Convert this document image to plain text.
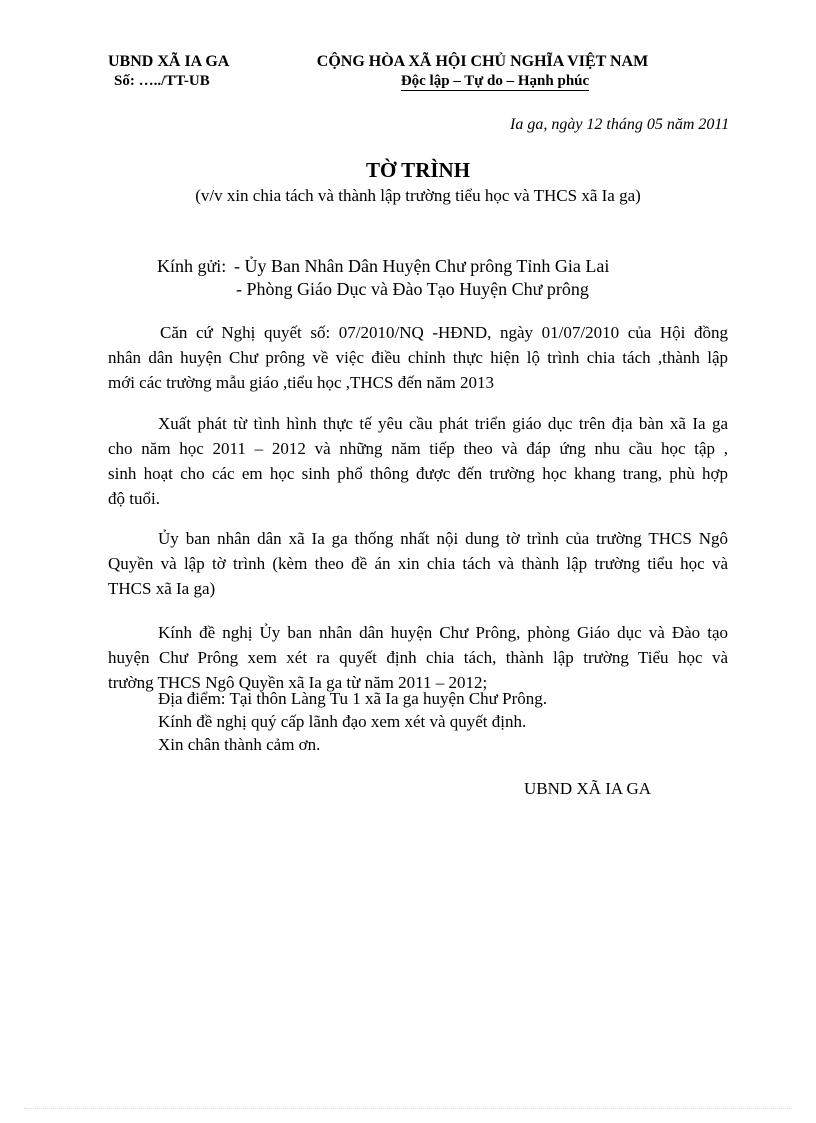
UBND XÃ IA GA
Số: …../TT-UB
CỘNG HÒA XÃ HỘI CHỦ NGHĨA VIỆT NAM
Độc lập – Tự do – Hạnh phúc
Ia ga, ngày 12 tháng 05 năm 2011
TỜ TRÌNH
(v/v xin chia tách và thành lập trường tiểu học và THCS xã Ia ga)
Kính gửi: - Ủy Ban Nhân Dân Huyện Chư prông Tỉnh Gia Lai
- Phòng Giáo Dục và Đào Tạo Huyện Chư prông
Căn cứ Nghị quyết số: 07/2010/NQ -HĐND, ngày 01/07/2010 của Hội đồng
nhân dân huyện Chư prông về việc điều chỉnh thực hiện lộ trình chia tách ,thành lập
mới các trường mẫu giáo ,tiểu học ,THCS đến năm 2013
Xuất phát từ tình hình thực tế yêu cầu phát triển giáo dục trên địa bàn xã Ia ga
cho năm học 2011 – 2012 và những năm tiếp theo và đáp ứng nhu cầu học tập ,
sinh hoạt cho các em học sinh phổ thông được đến trường học khang trang, phù hợp
độ tuổi.
Ủy ban nhân dân xã Ia ga thống nhất nội dung tờ trình của trường THCS Ngô
Quyền và lập tờ trình (kèm theo đề án xin chia tách và thành lập trường tiểu học và
THCS xã Ia ga)
Kính đề nghị Ủy ban nhân dân huyện Chư Prông, phòng Giáo dục và Đào tạo
huyện Chư Prông xem xét ra quyết định chia tách, thành lập trường Tiểu học và
trường THCS Ngô Quyền xã Ia ga từ năm 2011 – 2012;
Địa điểm: Tại thôn Làng Tu 1 xã Ia ga huyện Chư Prông.
Kính đề nghị quý cấp lãnh đạo xem xét và quyết định.
Xin chân thành cảm ơn.
UBND XÃ IA GA
